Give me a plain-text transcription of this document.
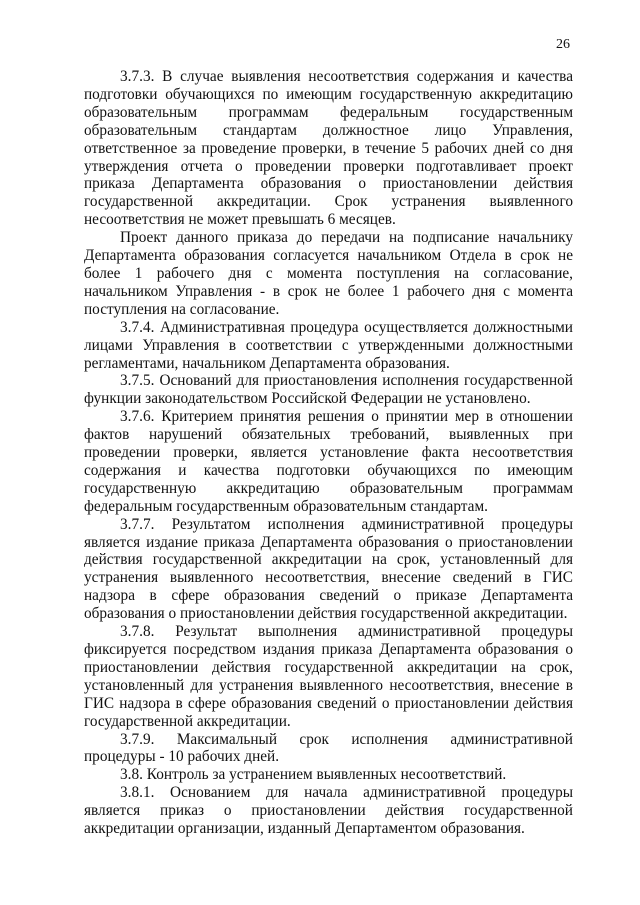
26

3.7.3. В случае выявления несоответствия содержания и качества подготовки обучающихся по имеющим государственную аккредитацию образовательным программам федеральным государственным образовательным стандартам должностное лицо Управления, ответственное за проведение проверки, в течение 5 рабочих дней со дня утверждения отчета о проведении проверки подготавливает проект приказа Департамента образования о приостановлении действия государственной аккредитации. Срок устранения выявленного несоответствия не может превышать 6 месяцев.

Проект данного приказа до передачи на подписание начальнику Департамента образования согласуется начальником Отдела в срок не более 1 рабочего дня с момента поступления на согласование, начальником Управления - в срок не более 1 рабочего дня с момента поступления на согласование.

3.7.4. Административная процедура осуществляется должностными лицами Управления в соответствии с утвержденными должностными регламентами, начальником Департамента образования.

3.7.5. Оснований для приостановления исполнения государственной функции законодательством Российской Федерации не установлено.

3.7.6. Критерием принятия решения о принятии мер в отношении фактов нарушений обязательных требований, выявленных при проведении проверки, является установление факта несоответствия содержания и качества подготовки обучающихся по имеющим государственную аккредитацию образовательным программам федеральным государственным образовательным стандартам.

3.7.7. Результатом исполнения административной процедуры является издание приказа Департамента образования о приостановлении действия государственной аккредитации на срок, установленный для устранения выявленного несоответствия, внесение сведений в ГИС надзора в сфере образования сведений о приказе Департамента образования о приостановлении действия государственной аккредитации.

3.7.8. Результат выполнения административной процедуры фиксируется посредством издания приказа Департамента образования о приостановлении действия государственной аккредитации на срок, установленный для устранения выявленного несоответствия, внесение в ГИС надзора в сфере образования сведений о приостановлении действия государственной аккредитации.

3.7.9. Максимальный срок исполнения административной процедуры - 10 рабочих дней.

3.8. Контроль за устранением выявленных несоответствий.

3.8.1. Основанием для начала административной процедуры является приказ о приостановлении действия государственной аккредитации организации, изданный Департаментом образования.
